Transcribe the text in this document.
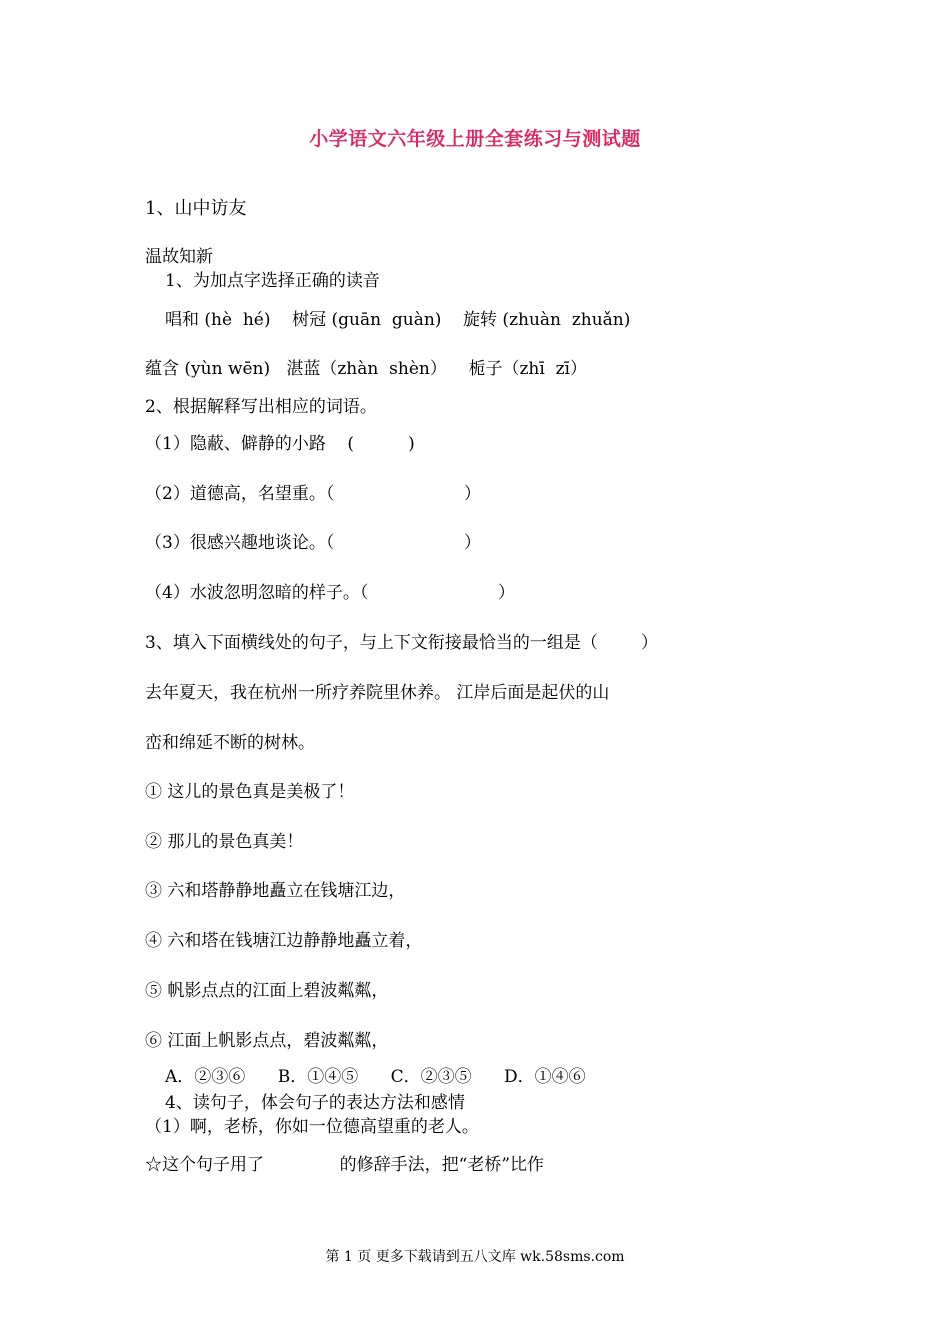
小学语文六年级上册全套练习与测试题
1、山中访友
温故知新
1、为加点字选择正确的读音
唱和 (hè  hé)    树冠 (guān  guàn)    旋转 (zhuàn  zhuǎn)
蕴含 (yùn wēn)   湛蓝（zhàn  shèn）    栀子（zhī  zī）
2、根据解释写出相应的词语。
（1）隐蔽、僻静的小路    (          )
（2）道德高，名望重。（                        ）
（3）很感兴趣地谈论。（                        ）
（4）水波忽明忽暗的样子。（                        ）
3、填入下面横线处的句子，与上下文衔接最恰当的一组是（        ）
去年夏天，我在杭州一所疗养院里休养。 江岸后面是起伏的山
峦和绵延不断的树林。
① 这儿的景色真是美极了！
② 那儿的景色真美！
③ 六和塔静静地矗立在钱塘江边，
④ 六和塔在钱塘江边静静地矗立着，
⑤ 帆影点点的江面上碧波粼粼，
⑥ 江面上帆影点点，碧波粼粼，
A．②③⑥      B．①④⑤      C．②③⑤      D．①④⑥
4、读句子，体会句子的表达方法和感情
（1）啊，老桥，你如一位德高望重的老人。
☆这个句子用了              的修辞手法，把“老桥”比作
第 1 页 更多下载请到五八文库 wk.58sms.com
